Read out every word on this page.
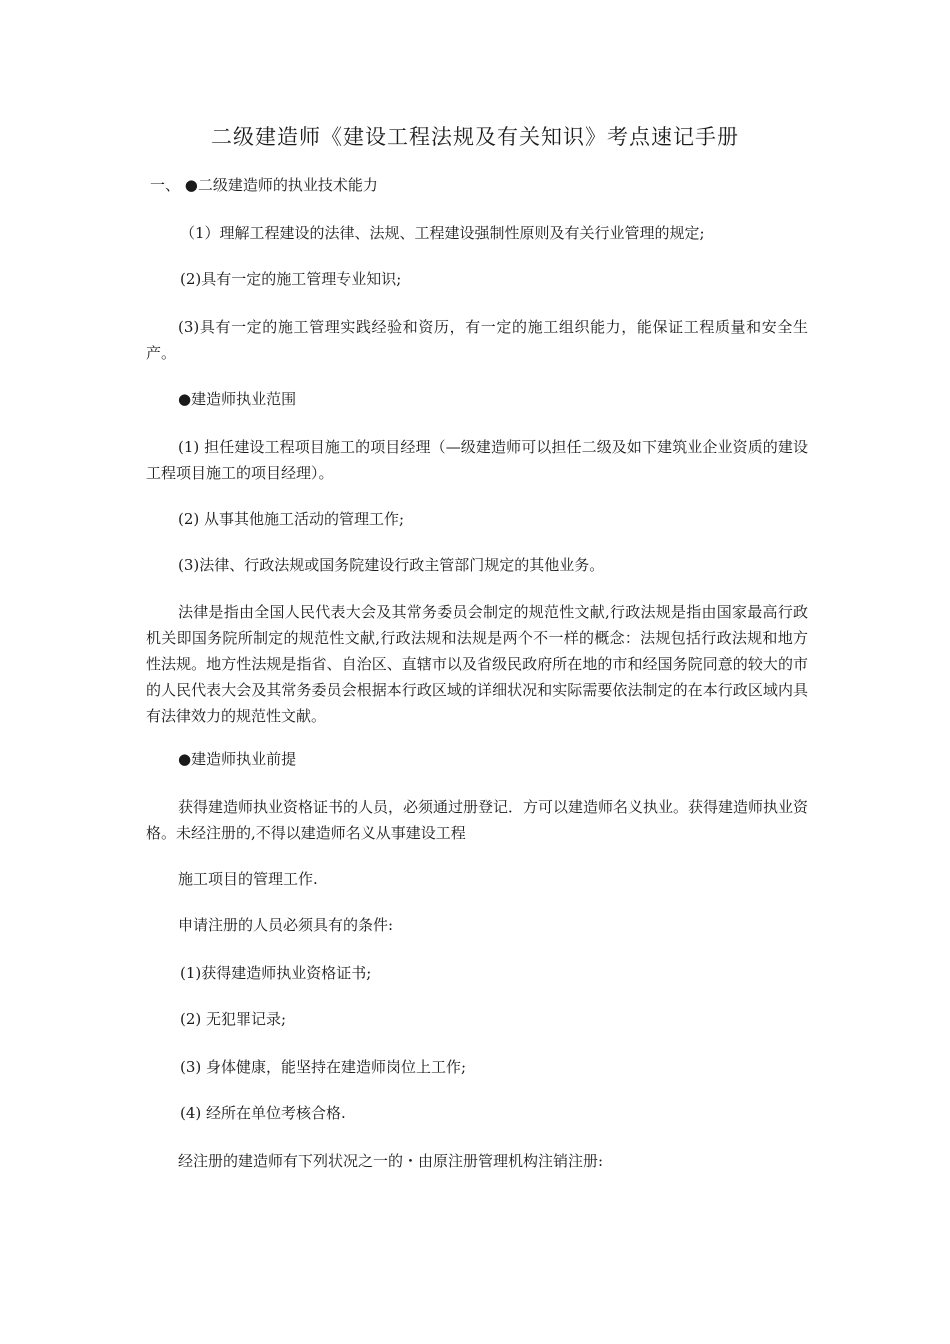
二级建造师《建设工程法规及有关知识》考点速记手册

一、 ●二级建造师的执业技术能力

（1）理解工程建设的法律、法规、工程建设强制性原则及有关行业管理的规定;

(2)具有一定的施工管理专业知识;

(3)具有一定的施工管理实践经验和资历，有一定的施工组织能力，能保证工程质量和安全生产。

●建造师执业范围

(1) 担任建设工程项目施工的项目经理（—级建造师可以担任二级及如下建筑业企业资质的建设工程项目施工的项目经理）。

(2) 从事其他施工活动的管理工作;

(3)法律、行政法规或国务院建设行政主管部门规定的其他业务。

法律是指由全国人民代表大会及其常务委员会制定的规范性文献,行政法规是指由国家最高行政机关即国务院所制定的规范性文献,行政法规和法规是两个不一样的概念：法规包括行政法规和地方性法规。地方性法规是指省、自治区、直辖市以及省级民政府所在地的市和经国务院同意的较大的市的人民代表大会及其常务委员会根据本行政区域的详细状况和实际需要依法制定的在本行政区域内具有法律效力的规范性文献。

●建造师执业前提

获得建造师执业资格证书的人员，必须通过册登记．方可以建造师名义执业。获得建造师执业资格。未经注册的,不得以建造师名义从事建设工程

施工项目的管理工作.

申请注册的人员必须具有的条件:

(1)获得建造师执业资格证书;

(2) 无犯罪记录;

(3) 身体健康，能坚持在建造师岗位上工作;

(4) 经所在单位考核合格.

经注册的建造师有下列状况之一的・由原注册管理机构注销注册:
